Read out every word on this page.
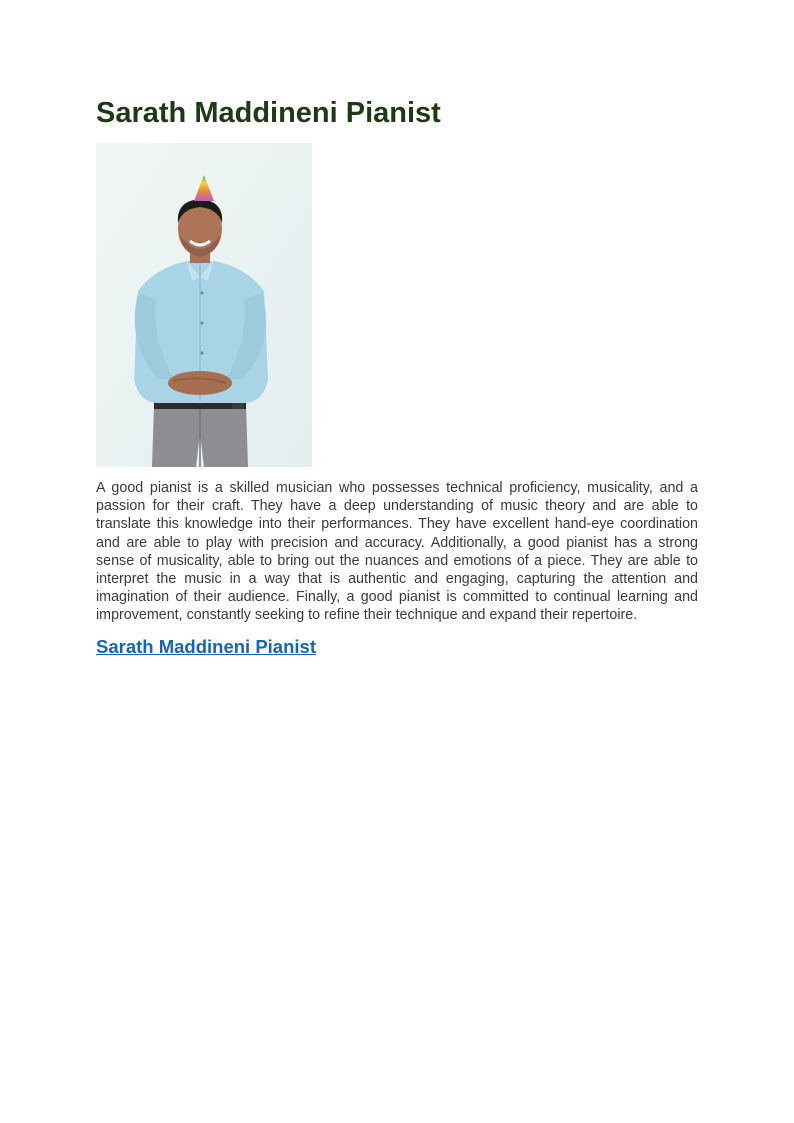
Sarath Maddineni Pianist

A good pianist is a skilled musician who possesses technical proficiency, musicality, and a passion for their craft. They have a deep understanding of music theory and are able to translate this knowledge into their performances. They have excellent hand-eye coordination and are able to play with precision and accuracy. Additionally, a good pianist has a strong sense of musicality, able to bring out the nuances and emotions of a piece. They are able to interpret the music in a way that is authentic and engaging, capturing the attention and imagination of their audience. Finally, a good pianist is committed to continual learning and improvement, constantly seeking to refine their technique and expand their repertoire.

Sarath Maddineni Pianist
